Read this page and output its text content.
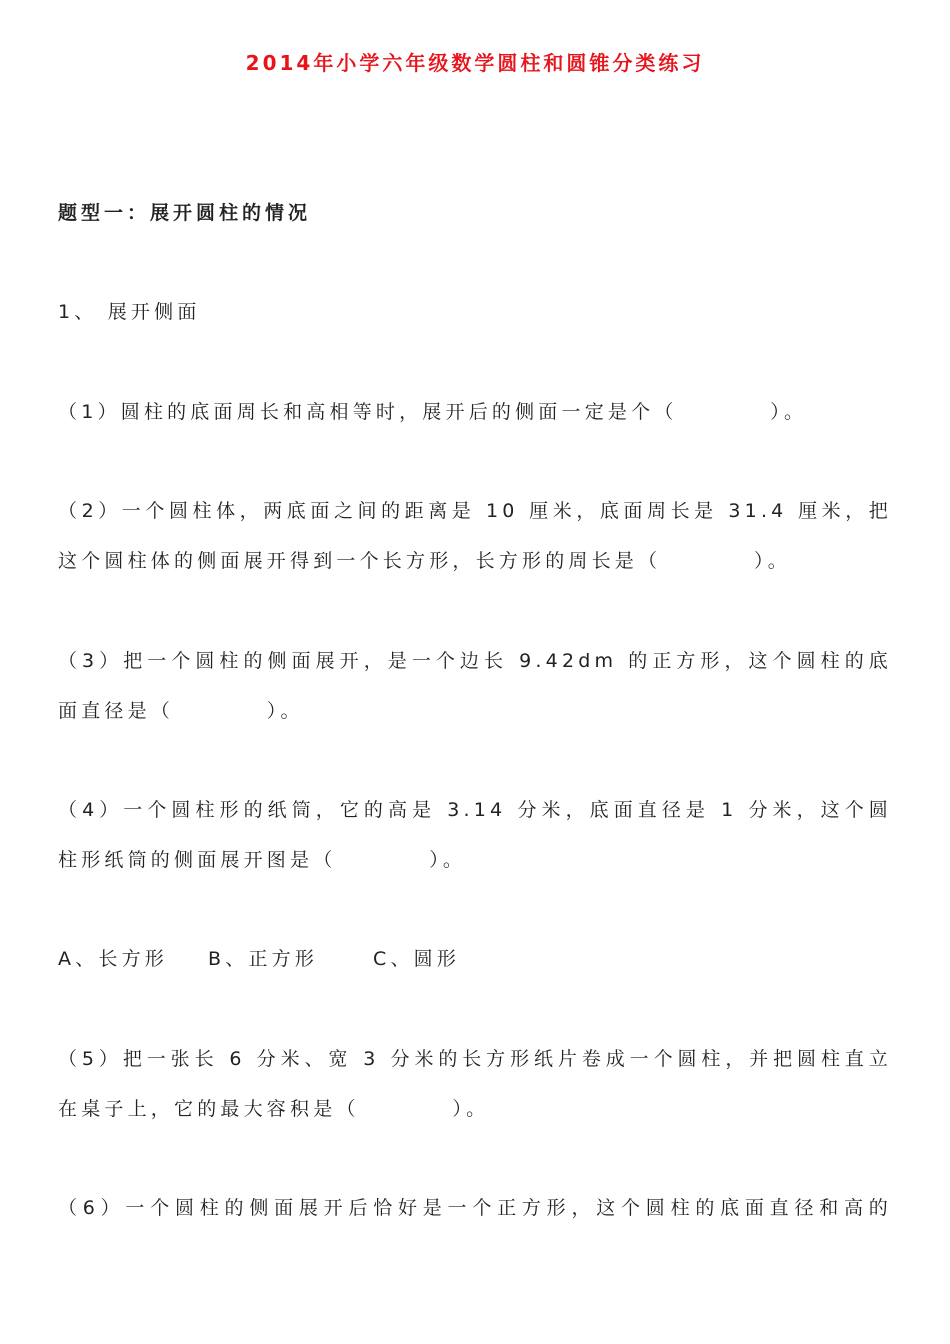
2014年小学六年级数学圆柱和圆锥分类练习
题型一：展开圆柱的情况
1、 展开侧面
（1）圆柱的底面周长和高相等时，展开后的侧面一定是个（　　　　）。
（2）一个圆柱体，两底面之间的距离是 10 厘米，底面周长是 31.4 厘米，把
这个圆柱体的侧面展开得到一个长方形，长方形的周长是（　　　　）。
（3）把一个圆柱的侧面展开，是一个边长 9.42dm 的正方形，这个圆柱的底
面直径是（　　　　）。
（4）一个圆柱形的纸筒，它的高是 3.14 分米，底面直径是 1 分米，这个圆
柱形纸筒的侧面展开图是（　　　　）。
A、长方形	B、正方形	C、圆形
（5）把一张长 6 分米、宽 3 分米的长方形纸片卷成一个圆柱，并把圆柱直立
在桌子上，它的最大容积是（　　　　）。
（6）一个圆柱的侧面展开后恰好是一个正方形，这个圆柱的底面直径和高的
